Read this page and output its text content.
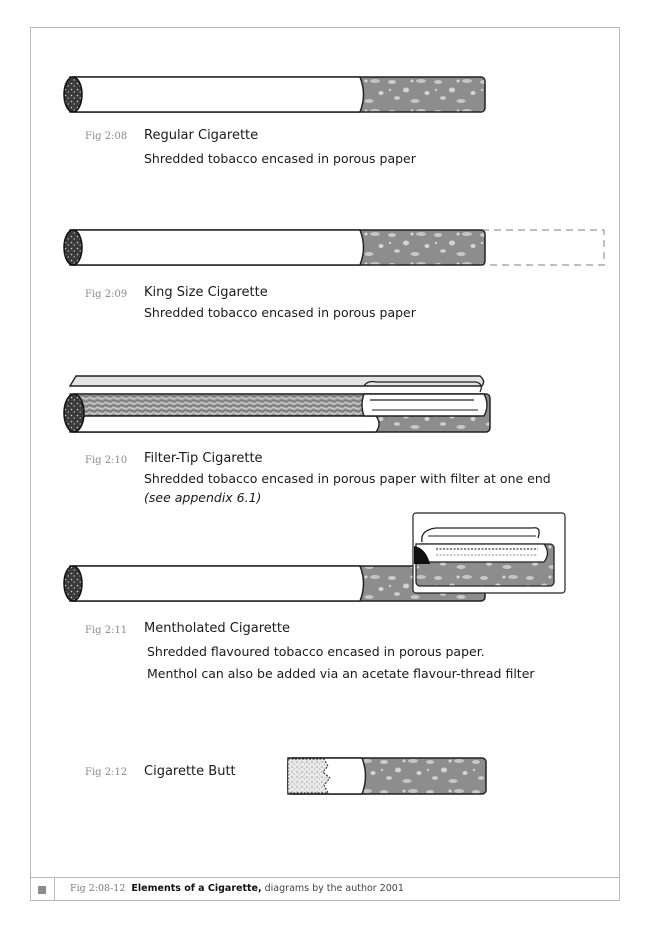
Fig 2:08 Regular Cigarette
Shredded tobacco encased in porous paper
Fig 2:09 King Size Cigarette
Shredded tobacco encased in porous paper
Fig 2:10 Filter-Tip Cigarette
Shredded tobacco encased in porous paper with filter at one end
(see appendix 6.1)
Fig 2:11 Mentholated Cigarette
Shredded flavoured tobacco encased in porous paper.
Menthol can also be added via an acetate flavour-thread filter
Fig 2:12 Cigarette Butt
Fig 2:08-12 Elements of a Cigarette, diagrams by the author 2001
